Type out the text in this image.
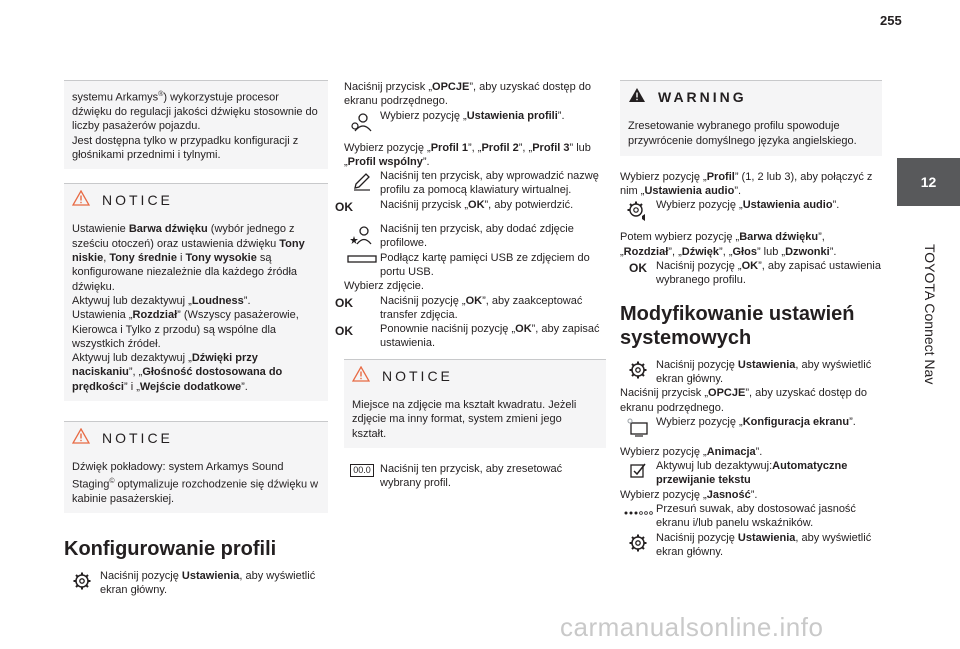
255
12
TOYOTA Connect Nav

systemu Arkamys®) wykorzystuje procesor dźwięku do regulacji jakości dźwięku stosownie do liczby pasażerów pojazdu.

Jest dostępna tylko w przypadku konfiguracji z głośnikami przednimi i tylnymi.

NOTICE

Ustawienie Barwa dźwięku (wybór jednego z sześciu otoczeń) oraz ustawienia dźwięku Tony niskie, Tony średnie i Tony wysokie są konfigurowane niezależnie dla każdego źródła dźwięku.

Aktywuj lub dezaktywuj „Loudness”.

Ustawienia „Rozdział” (Wszyscy pasażerowie, Kierowca i Tylko z przodu) są wspólne dla wszystkich źródeł.

Aktywuj lub dezaktywuj „Dźwięki przy naciskaniu”, „Głośność dostosowana do prędkości” i „Wejście dodatkowe”.

NOTICE

Dźwięk pokładowy: system Arkamys Sound Staging© optymalizuje rozchodzenie się dźwięku w kabinie pasażerskiej.

Konfigurowanie profili
Naciśnij pozycję Ustawienia, aby wyświetlić ekran główny.

Naciśnij przycisk „OPCJE”, aby uzyskać dostęp do ekranu podrzędnego.

Wybierz pozycję „Ustawienia profili”.

Wybierz pozycję „Profil 1”, „Profil 2”, „Profil 3” lub „Profil wspólny”.

Naciśnij ten przycisk, aby wprowadzić nazwę profilu za pomocą klawiatury wirtualnej.
OK Naciśnij przycisk „OK”, aby potwierdzić.
Naciśnij ten przycisk, aby dodać zdjęcie profilowe.
Podłącz kartę pamięci USB ze zdjęciem do portu USB.

Wybierz zdjęcie.

OK Naciśnij pozycję „OK”, aby zaakceptować transfer zdjęcia.
OK Ponownie naciśnij pozycję „OK”, aby zapisać ustawienia.
NOTICE

Miejsce na zdjęcie ma kształt kwadratu. Jeżeli zdjęcie ma inny format, system zmieni jego kształt.

00.0 Naciśnij ten przycisk, aby zresetować wybrany profil.
WARNING

Zresetowanie wybranego profilu spowoduje przywrócenie domyślnego języka angielskiego.

Wybierz pozycję „Profil” (1, 2 lub 3), aby połączyć z nim „Ustawienia audio”.

Wybierz pozycję „Ustawienia audio”.

Potem wybierz pozycję „Barwa dźwięku”, „Rozdział”, „Dźwięk”, „Głos” lub „Dzwonki”.

OK Naciśnij pozycję „OK”, aby zapisać ustawienia wybranego profilu.
Modyfikowanie ustawień systemowych
Naciśnij pozycję Ustawienia, aby wyświetlić ekran główny.

Naciśnij przycisk „OPCJE”, aby uzyskać dostęp do ekranu podrzędnego.

Wybierz pozycję „Konfiguracja ekranu”.

Wybierz pozycję „Animacja”.

Aktywuj lub dezaktywuj:Automatyczne przewijanie tekstu

Wybierz pozycję „Jasność”.

Przesuń suwak, aby dostosować jasność ekranu i/lub panelu wskaźników.
Naciśnij pozycję Ustawienia, aby wyświetlić ekran główny.
carmanualsonline.info
